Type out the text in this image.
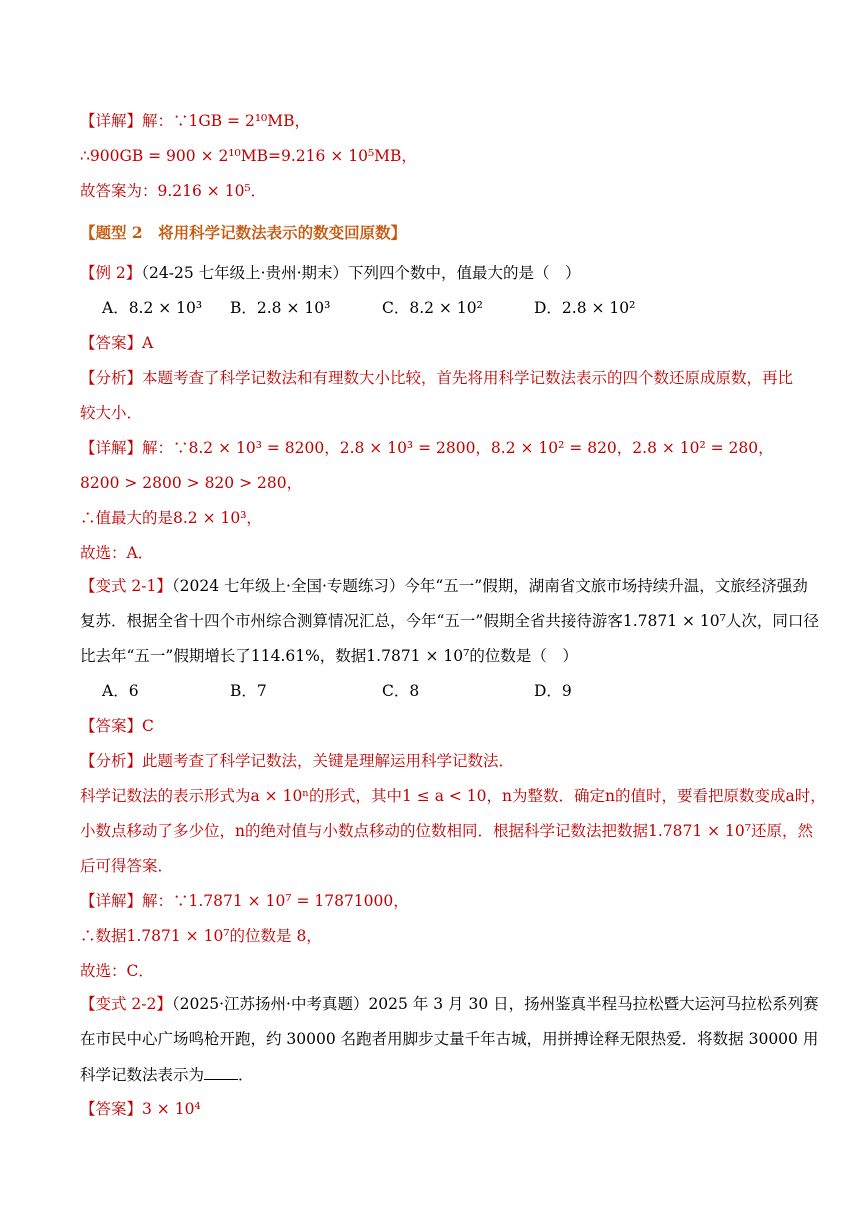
【详解】解：∵1GB = 2¹⁰MB，
∴900GB = 900 × 2¹⁰MB=9.216 × 10⁵MB，
故答案为：9.216 × 10⁵．
【题型 2　将用科学记数法表示的数变回原数】
【例 2】（24-25 七年级上·贵州·期末）下列四个数中，值最大的是（　）
A．8.2 × 10³ B．2.8 × 10³	C．8.2 × 10²	D．2.8 × 10²
【答案】A
【分析】本题考查了科学记数法和有理数大小比较，首先将用科学记数法表示的四个数还原成原数，再比
较大小．
【详解】解：∵8.2 × 10³ = 8200，2.8 × 10³ = 2800，8.2 × 10² = 820，2.8 × 10² = 280，
8200 > 2800 > 820 > 280，
∴值最大的是8.2 × 10³，
故选：A．
【变式 2-1】（2024 七年级上·全国·专题练习）今年“五一”假期，湖南省文旅市场持续升温，文旅经济强劲
复苏．根据全省十四个市州综合测算情况汇总，今年“五一”假期全省共接待游客1.7871 × 10⁷人次，同口径
比去年“五一”假期增长了114.61%，数据1.7871 × 10⁷的位数是（　）
A．6	B．7	C．8	D．9
【答案】C
【分析】此题考查了科学记数法，关键是理解运用科学记数法．
科学记数法的表示形式为a × 10ⁿ的形式，其中1 ≤ a < 10，n为整数．确定n的值时，要看把原数变成a时，
小数点移动了多少位，n的绝对值与小数点移动的位数相同．根据科学记数法把数据1.7871 × 10⁷还原，然
后可得答案．
【详解】解：∵1.7871 × 10⁷ = 17871000，
∴数据1.7871 × 10⁷的位数是 8，
故选：C．
【变式 2-2】（2025·江苏扬州·中考真题）2025 年 3 月 30 日，扬州鉴真半程马拉松暨大运河马拉松系列赛
在市民中心广场鸣枪开跑，约 30000 名跑者用脚步丈量千年古城，用拼搏诠释无限热爱．将数据 30000 用
科学记数法表示为 ．
【答案】3 × 10⁴
